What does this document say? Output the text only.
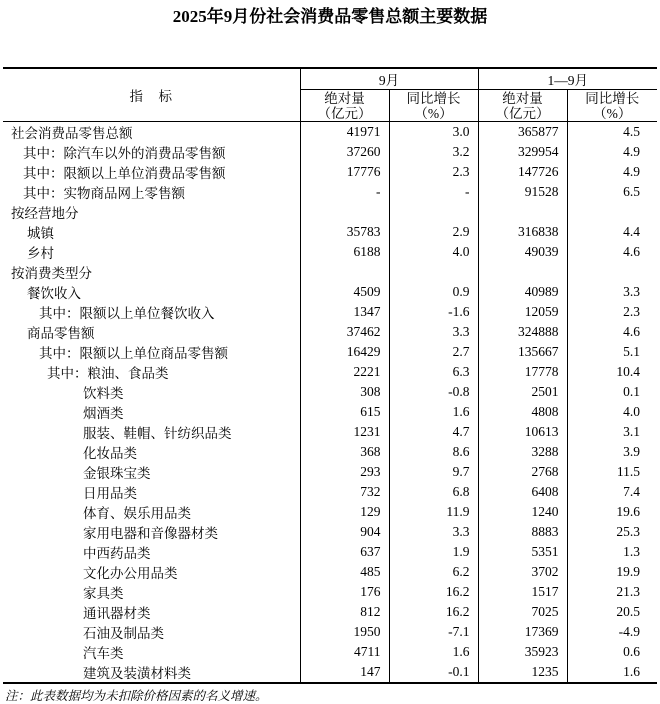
2025年9月份社会消费品零售总额主要数据
指　标	9月		1—9月	

绝对量
（亿元）

同比增长
（%）

绝对量
（亿元）

同比增长
（%）

社会消费品零售总额	41971	3.0	365877	4.5
其中：除汽车以外的消费品零售额	37260	3.2	329954	4.9
其中：限额以上单位消费品零售额	17776	2.3	147726	4.9
其中：实物商品网上零售额	-	-	91528	6.5
按经营地分				
城镇	35783	2.9	316838	4.4
乡村	6188	4.0	49039	4.6
按消费类型分				
餐饮收入	4509	0.9	40989	3.3
其中：限额以上单位餐饮收入	1347	-1.6	12059	2.3
商品零售额	37462	3.3	324888	4.6
其中：限额以上单位商品零售额	16429	2.7	135667	5.1
其中：粮油、食品类	2221	6.3	17778	10.4
饮料类	308	-0.8	2501	0.1
烟酒类	615	1.6	4808	4.0
服装、鞋帽、针纺织品类	1231	4.7	10613	3.1
化妆品类	368	8.6	3288	3.9
金银珠宝类	293	9.7	2768	11.5
日用品类	732	6.8	6408	7.4
体育、娱乐用品类	129	11.9	1240	19.6
家用电器和音像器材类	904	3.3	8883	25.3
中西药品类	637	1.9	5351	1.3
文化办公用品类	485	6.2	3702	19.9
家具类	176	16.2	1517	21.3
通讯器材类	812	16.2	7025	20.5
石油及制品类	1950	-7.1	17369	-4.9
汽车类	4711	1.6	35923	0.6
建筑及装潢材料类	147	-0.1	1235	1.6
注：此表数据均为未扣除价格因素的名义增速。
